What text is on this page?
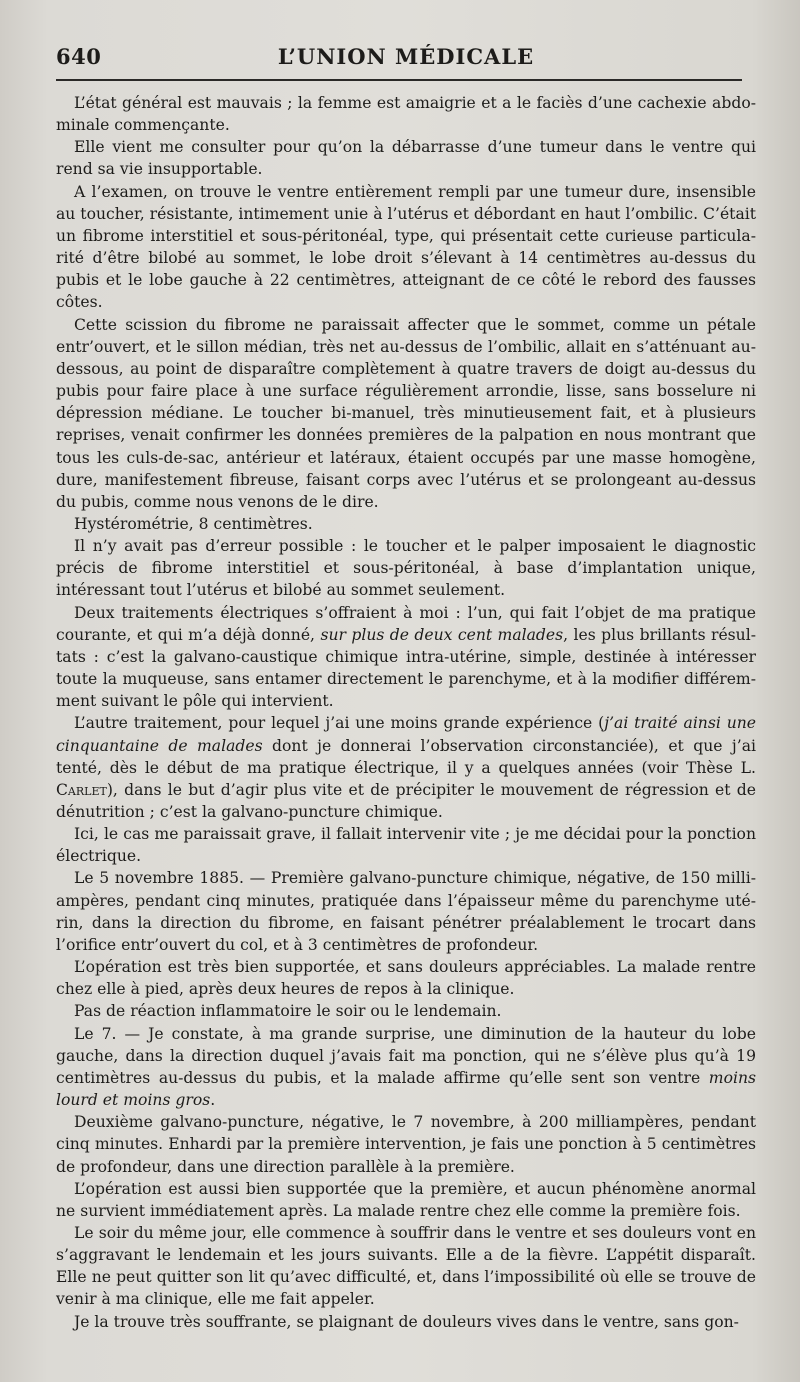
640	L’UNION MÉDICALE

L’état général est mauvais ; la femme est amaigrie et a le faciès d’une cachexie abdominale commençante.

Elle vient me consulter pour qu’on la débarrasse d’une tumeur dans le ventre qui rend sa vie insupportable.

A l’examen, on trouve le ventre entièrement rempli par une tumeur dure, insensible au toucher, résistante, intimement unie à l’utérus et débordant en haut l’ombilic. C’était un fibrome interstitiel et sous-péritonéal, type, qui présentait cette curieuse particularité d’être bilobé au sommet, le lobe droit s’élevant à 14 centimètres au-dessus du pubis et le lobe gauche à 22 centimètres, atteignant de ce côté le rebord des fausses côtes.

Cette scission du fibrome ne paraissait affecter que le sommet, comme un pétale entr’ouvert, et le sillon médian, très net au-dessus de l’ombilic, allait en s’atténuant au-dessous, au point de disparaître complètement à quatre travers de doigt au-dessus du pubis pour faire place à une surface régulièrement arrondie, lisse, sans bosselure ni dépression médiane. Le toucher bi-manuel, très minutieusement fait, et à plusieurs reprises, venait confirmer les données premières de la palpation en nous montrant que tous les culs-de-sac, antérieur et latéraux, étaient occupés par une masse homogène, dure, manifestement fibreuse, faisant corps avec l’utérus et se prolongeant au-dessus du pubis, comme nous venons de le dire.

Hystérométrie, 8 centimètres.

Il n’y avait pas d’erreur possible : le toucher et le palper imposaient le diagnostic précis de fibrome interstitiel et sous-péritonéal, à base d’implantation unique, intéressant tout l’utérus et bilobé au sommet seulement.

Deux traitements électriques s’offraient à moi : l’un, qui fait l’objet de ma pratique courante, et qui m’a déjà donné, sur plus de deux cent malades, les plus brillants résultats : c’est la galvano-caustique chimique intra-utérine, simple, destinée à intéresser toute la muqueuse, sans entamer directement le parenchyme, et à la modifier différemment suivant le pôle qui intervient.

L’autre traitement, pour lequel j’ai une moins grande expérience (j’ai traité ainsi une cinquantaine de malades dont je donnerai l’observation circonstanciée), et que j’ai tenté, dès le début de ma pratique électrique, il y a quelques années (voir Thèse L. Carlet), dans le but d’agir plus vite et de précipiter le mouvement de régression et de dénutrition ; c’est la galvano-puncture chimique.

Ici, le cas me paraissait grave, il fallait intervenir vite ; je me décidai pour la ponction électrique.

Le 5 novembre 1885. — Première galvano-puncture chimique, négative, de 150 milliampères, pendant cinq minutes, pratiquée dans l’épaisseur même du parenchyme utérin, dans la direction du fibrome, en faisant pénétrer préalablement le trocart dans l’orifice entr’ouvert du col, et à 3 centimètres de profondeur.

L’opération est très bien supportée, et sans douleurs appréciables. La malade rentre chez elle à pied, après deux heures de repos à la clinique.

Pas de réaction inflammatoire le soir ou le lendemain.

Le 7. — Je constate, à ma grande surprise, une diminution de la hauteur du lobe gauche, dans la direction duquel j’avais fait ma ponction, qui ne s’élève plus qu’à 19 centimètres au-dessus du pubis, et la malade affirme qu’elle sent son ventre moins lourd et moins gros.

Deuxième galvano-puncture, négative, le 7 novembre, à 200 milliampères, pendant cinq minutes. Enhardi par la première intervention, je fais une ponction à 5 centimètres de profondeur, dans une direction parallèle à la première.

L’opération est aussi bien supportée que la première, et aucun phénomène anormal ne survient immédiatement après. La malade rentre chez elle comme la première fois.

Le soir du même jour, elle commence à souffrir dans le ventre et ses douleurs vont en s’aggravant le lendemain et les jours suivants. Elle a de la fièvre. L’appétit disparaît. Elle ne peut quitter son lit qu’avec difficulté, et, dans l’impossibilité où elle se trouve de venir à ma clinique, elle me fait appeler.

Je la trouve très souffrante, se plaignant de douleurs vives dans le ventre, sans gon-
